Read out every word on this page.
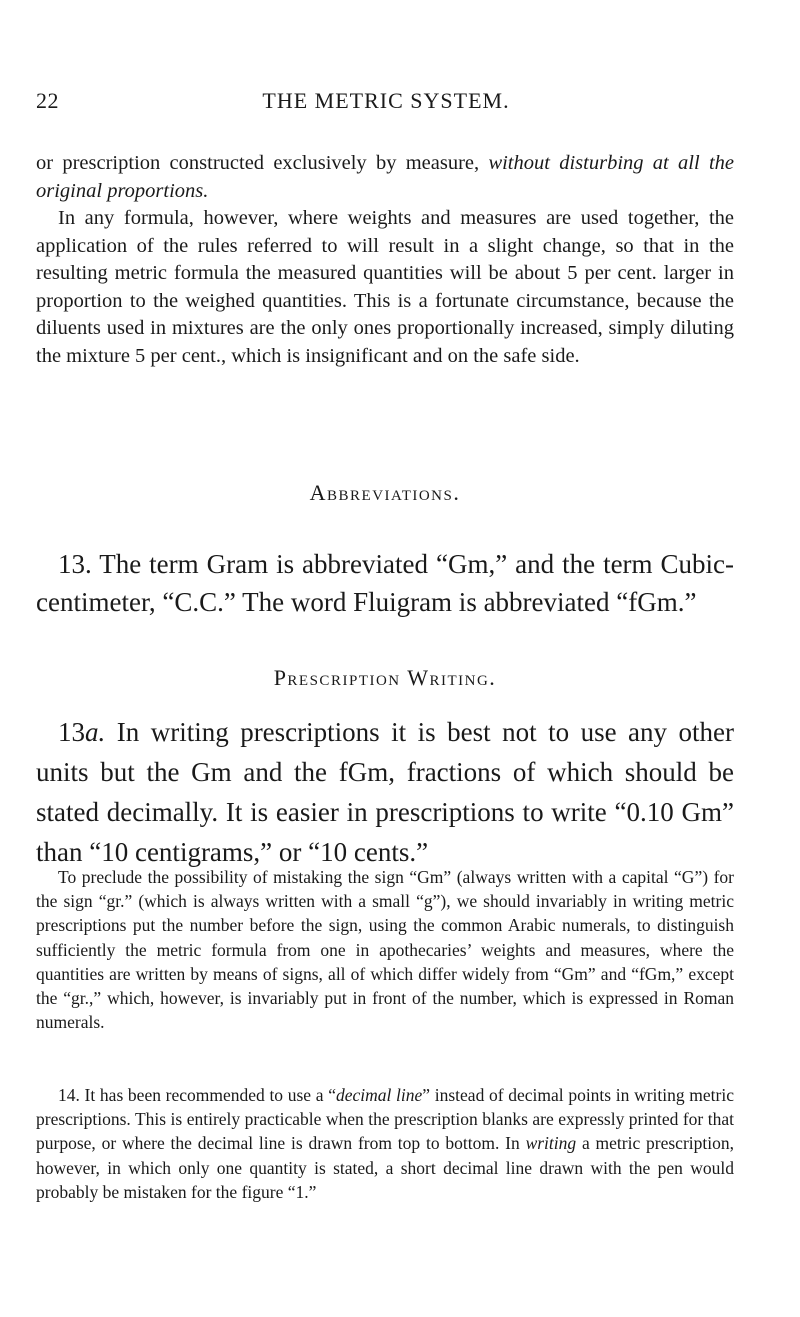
22	THE METRIC SYSTEM.

or prescription constructed exclusively by measure, without disturbing at all the original proportions.

In any formula, however, where weights and measures are used together, the application of the rules referred to will result in a slight change, so that in the resulting metric formula the measured quantities will be about 5 per cent. larger in proportion to the weighed quantities. This is a fortunate circumstance, because the diluents used in mixtures are the only ones proportionally increased, simply diluting the mixture 5 per cent., which is insignificant and on the safe side.

Abbreviations.

13. The term Gram is abbreviated “Gm,” and the term Cubic-centimeter, “C.C.” The word Fluigram is abbreviated “fGm.”

Prescription Writing.

13a. In writing prescriptions it is best not to use any other units but the Gm and the fGm, fractions of which should be stated decimally. It is easier in prescriptions to write “0.10 Gm” than “10 centigrams,” or “10 cents.”

To preclude the possibility of mistaking the sign “Gm” (always written with a capital “G”) for the sign “gr.” (which is always written with a small “g”), we should invariably in writing metric prescriptions put the number before the sign, using the common Arabic numerals, to distinguish sufficiently the metric formula from one in apothecaries’ weights and measures, where the quantities are written by means of signs, all of which differ widely from “Gm” and “fGm,” except the “gr.,” which, however, is invariably put in front of the number, which is expressed in Roman numerals.

14. It has been recommended to use a “decimal line” instead of decimal points in writing metric prescriptions. This is entirely practicable when the prescription blanks are expressly printed for that purpose, or where the decimal line is drawn from top to bottom. In writing a metric prescription, however, in which only one quantity is stated, a short decimal line drawn with the pen would probably be mistaken for the figure “1.”
